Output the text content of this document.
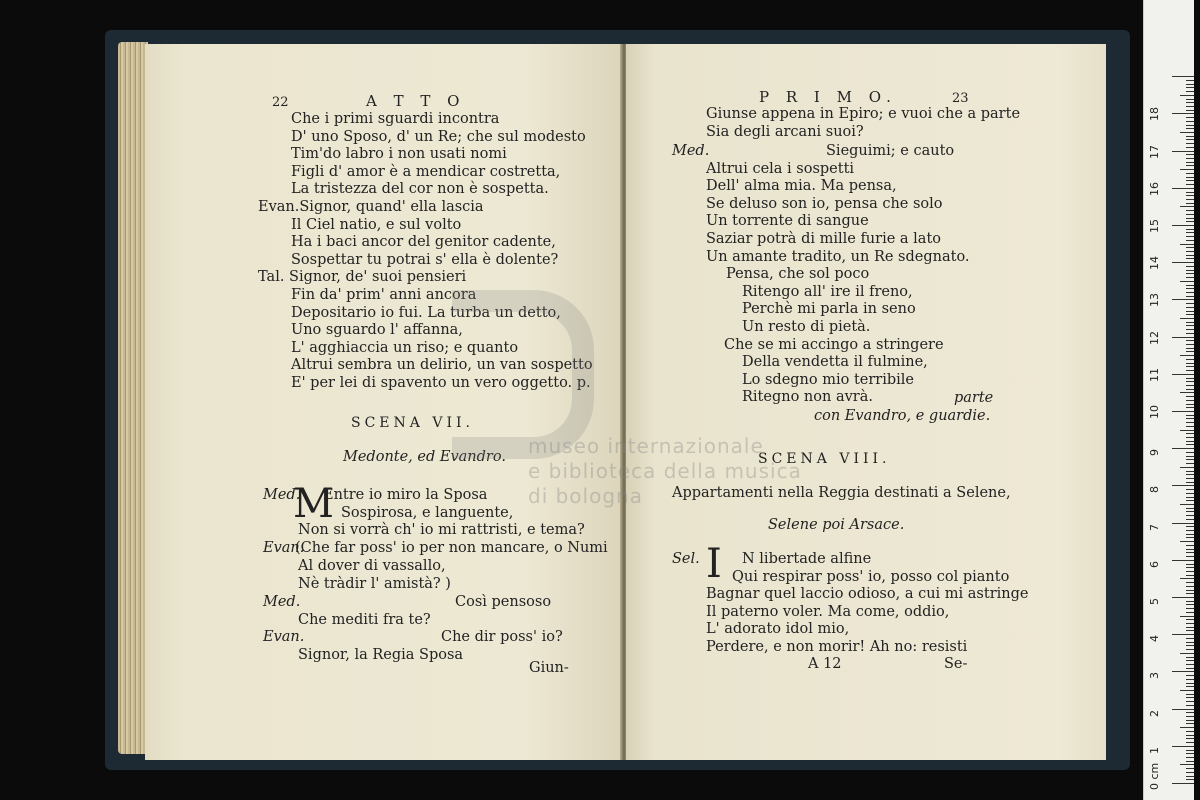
22	A T T O
Che i primi sguardi incontra
D' uno Sposo, d' un Re; che sul modesto
Tim'do labro i non usati nomi
Figli d' amor è a mendicar costretta,
La tristezza del cor non è sospetta.
Evan.Signor, quand' ella lascia
Il Ciel natio, e sul volto
Ha i baci ancor del genitor cadente,
Sospettar tu potrai s' ella è dolente?
Tal. Signor, de' suoi pensieri
Fin da' prim' anni ancora
Depositario io fui. La turba un detto,
Uno sguardo l' affanna,
L' agghiaccia un riso; e quanto
Altrui sembra un delirio, un van sospetto
E' per lei di spavento un vero oggetto. p.
SCENA VII.
Medonte, ed Evandro.
M
Med. Entre io miro la Sposa
Sospirosa, e languente,
Non si vorrà ch' io mi rattristi, e tema?
Evan.
(Che far poss' io per non mancare, o Numi
Al dover di vassallo,
Nè tràdir l' amistà? )
Med.	Così pensoso
Che mediti fra te?
Evan.	Che dir poss' io?
Signor, la Regia Sposa
Giun-
P R I M O.	23
Giunse appena in Epiro; e vuoi che a parte
Sia degli arcani suoi?
Med.	Sieguimi; e cauto
Altrui cela i sospetti
Dell' alma mia. Ma pensa,
Se deluso son io, pensa che solo
Un torrente di sangue
Saziar potrà di mille furie a lato
Un amante tradito, un Re sdegnato.
Pensa, che sol poco
Ritengo all' ire il freno,
Perchè mi parla in seno
Un resto di pietà.
Che se mi accingo a stringere
Della vendetta il fulmine,
Lo sdegno mio terribile
Ritegno non avrà.	parte
con Evandro, e guardie.
SCENA VIII.
Appartamenti nella Reggia destinati a Selene,
Selene poi Arsace.
Sel. I N libertade alfine
Qui respirar poss' io, posso col pianto
Bagnar quel laccio odioso, a cui mi astringe
Il paterno voler. Ma come, oddio,
L' adorato idol mio,
Perdere, e non morir! Ah no: resisti
A 12	Se-
museo internazionale
e biblioteca della musica
di bologna
0 cm
1
2
3
4
5
6
7
8
9
10
11
12
13
14
15
16
17
18
